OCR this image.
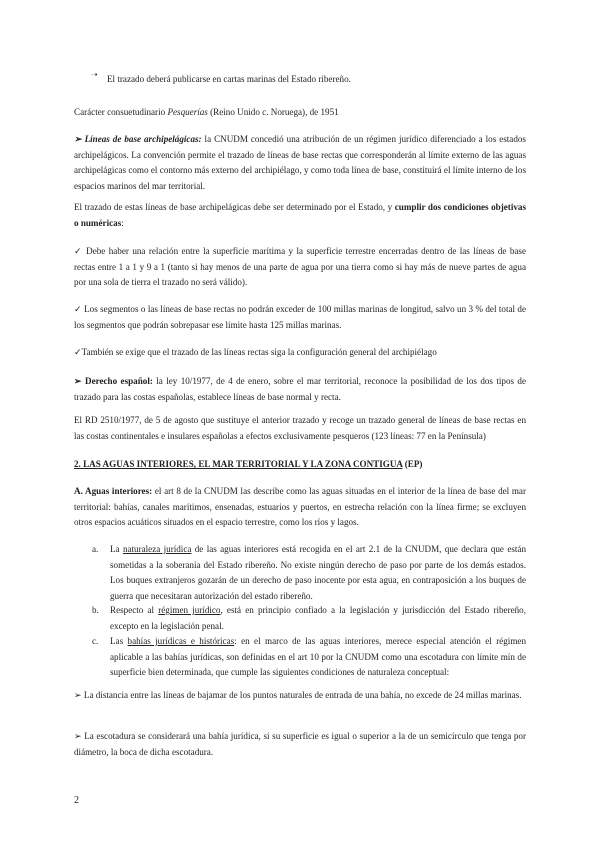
➝ El trazado deberá publicarse en cartas marinas del Estado ribereño.

Carácter consuetudinario Pesquerías (Reino Unido c. Noruega), de 1951

➢ Líneas de base archipelágicas: la CNUDM concedió una atribución de un régimen jurídico diferenciado a los estados archipelágicos. La convención permite el trazado de líneas de base rectas que corresponderán al límite externo de las aguas archipelágicas como el contorno más externo del archipiélago, y como toda línea de base, constituirá el límite interno de los espacios marinos del mar territorial.

El trazado de estas líneas de base archipelágicas debe ser determinado por el Estado, y cumplir dos condiciones objetivas o numéricas:

✓ Debe haber una relación entre la superficie marítima y la superficie terrestre encerradas dentro de las líneas de base rectas entre 1 a 1 y 9 a 1 (tanto si hay menos de una parte de agua por una tierra como si hay más de nueve partes de agua por una sola de tierra el trazado no será válido).

✓ Los segmentos o las líneas de base rectas no podrán exceder de 100 millas marinas de longitud, salvo un 3 % del total de los segmentos que podrán sobrepasar ese límite hasta 125 millas marinas.

✓También se exige que el trazado de las líneas rectas siga la configuración general del archipiélago

➢ Derecho español: la ley 10/1977, de 4 de enero, sobre el mar territorial, reconoce la posibilidad de los dos tipos de trazado para las costas españolas, establece líneas de base normal y recta.

El RD 2510/1977, de 5 de agosto que sustituye el anterior trazado y recoge un trazado general de líneas de base rectas en las costas continentales e insulares españolas a efectos exclusivamente pesqueros (123 líneas: 77 en la Península)

2. LAS AGUAS INTERIORES, EL MAR TERRITORIAL Y LA ZONA CONTIGUA (EP)

A. Aguas interiores: el art 8 de la CNUDM las describe como las aguas situadas en el interior de la línea de base del mar territorial: bahías, canales marítimos, ensenadas, estuarios y puertos, en estrecha relación con la línea firme; se excluyen otros espacios acuáticos situados en el espacio terrestre, como los ríos y lagos.

a. La naturaleza jurídica de las aguas interiores está recogida en el art 2.1 de la CNUDM, que declara que están sometidas a la soberanía del Estado ribereño. No existe ningún derecho de paso por parte de los demás estados. Los buques extranjeros gozarán de un derecho de paso inocente por esta agua, en contraposición a los buques de guerra que necesitaran autorización del estado ribereño.
b. Respecto al régimen jurídico, está en principio confiado a la legislación y jurisdicción del Estado ribereño, excepto en la legislación penal.
c. Las bahías jurídicas e históricas: en el marco de las aguas interiores, merece especial atención el régimen aplicable a las bahías jurídicas, son definidas en el art 10 por la CNUDM como una escotadura con límite mín de superficie bien determinada, que cumple las siguientes condiciones de naturaleza conceptual:

➢ La distancia entre las líneas de bajamar de los puntos naturales de entrada de una bahía, no excede de 24 millas marinas.

➢ La escotadura se considerará una bahía jurídica, si su superficie es igual o superior a la de un semicírculo que tenga por diámetro, la boca de dicha escotadura.

2
